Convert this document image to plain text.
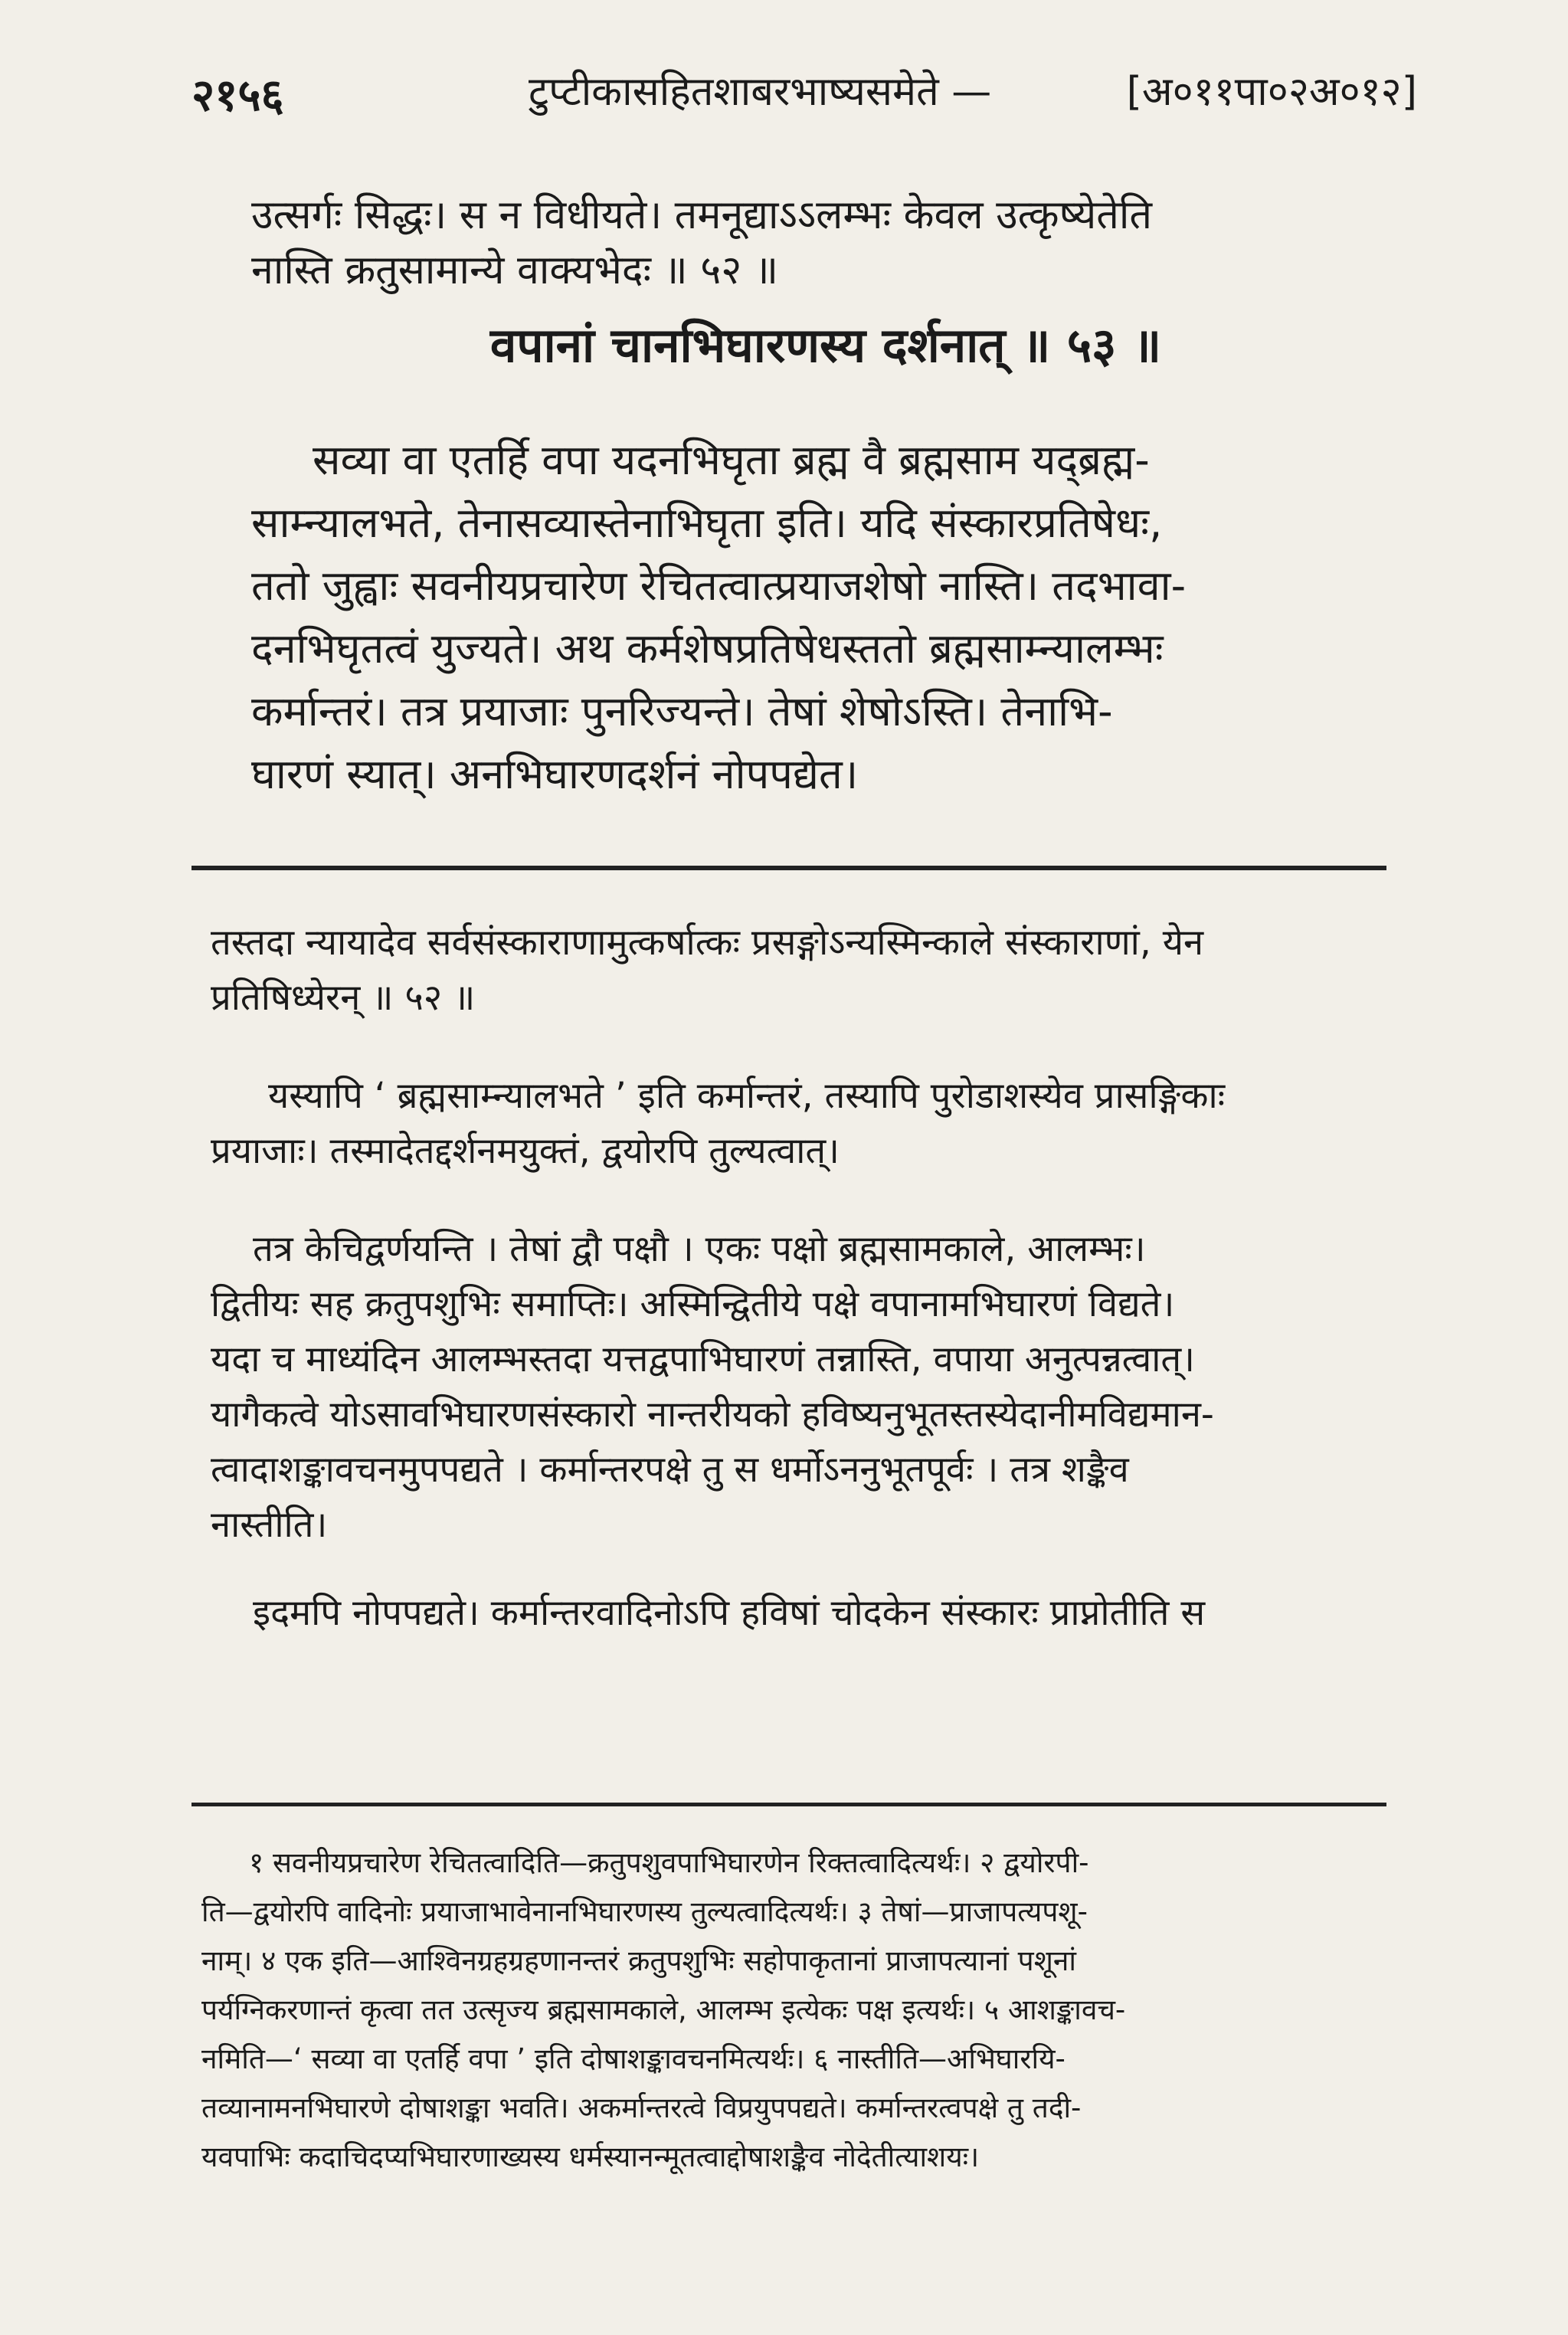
२१५६	टुप्टीकासहितशाबरभाष्यसमेते —	[अ०११पा०२अ०१२]
उत्सर्गः सिद्धः। स न विधीयते। तमनूद्याऽऽलम्भः केवल उत्कृष्येतेति
नास्ति क्रतुसामान्ये वाक्यभेदः ॥ ५२ ॥
वपानां चानभिघारणस्य दर्शनात् ॥ ५३ ॥
सव्या वा एतर्हि वपा यदनभिघृता ब्रह्म वै ब्रह्मसाम यद्ब्रह्म-
साम्न्यालभते, तेनासव्यास्तेनाभिघृता इति। यदि संस्कारप्रतिषेधः,
ततो जुह्वाः सवनीयप्रचारेण रेचितत्वात्प्रयाजशेषो नास्ति। तदभावा-
दनभिघृतत्वं युज्यते। अथ कर्मशेषप्रतिषेधस्ततो ब्रह्मसाम्न्यालम्भः
कर्मान्तरं। तत्र प्रयाजाः पुनरिज्यन्ते। तेषां शेषोऽस्ति। तेनाभि-
घारणं स्यात्। अनभिघारणदर्शनं नोपपद्येत।
तस्तदा न्यायादेव सर्वसंस्काराणामुत्कर्षात्कः प्रसङ्गोऽन्यस्मिन्काले संस्काराणां, येन
प्रतिषिध्येरन् ॥ ५२ ॥
यस्यापि ‘ ब्रह्मसाम्न्यालभते ’ इति कर्मान्तरं, तस्यापि पुरोडाशस्येव प्रासङ्गिकाः
प्रयाजाः। तस्मादेतद्दर्शनमयुक्तं, द्वयोरपि तुल्यत्वात्।
तत्र केचिद्वर्णयन्ति । तेषां द्वौ पक्षौ । एकः पक्षो ब्रह्मसामकाले, आलम्भः।
द्वितीयः सह क्रतुपशुभिः समाप्तिः। अस्मिन्द्वितीये पक्षे वपानामभिघारणं विद्यते।
यदा च माध्यंदिन आलम्भस्तदा यत्तद्वपाभिघारणं तन्नास्ति, वपाया अनुत्पन्नत्वात्।
यागैकत्वे योऽसावभिघारणसंस्कारो नान्तरीयको हविष्यनुभूतस्तस्येदानीमविद्यमान-
त्वादाशङ्कावचनमुपपद्यते । कर्मान्तरपक्षे तु स धर्मोऽननुभूतपूर्वः । तत्र शङ्कैव
नास्तीति।
इदमपि नोपपद्यते। कर्मान्तरवादिनोऽपि हविषां चोदकेन संस्कारः प्राप्नोतीति स
१ सवनीयप्रचारेण रेचितत्वादिति—क्रतुपशुवपाभिघारणेन रिक्तत्वादित्यर्थः। २ द्वयोरपी-
ति—द्वयोरपि वादिनोः प्रयाजाभावेनानभिघारणस्य तुल्यत्वादित्यर्थः। ३ तेषां—प्राजापत्यपशू-
नाम्। ४ एक इति—आश्विनग्रहग्रहणानन्तरं क्रतुपशुभिः सहोपाकृतानां प्राजापत्यानां पशूनां
पर्यग्निकरणान्तं कृत्वा तत उत्सृज्य ब्रह्मसामकाले, आलम्भ इत्येकः पक्ष इत्यर्थः। ५ आशङ्कावच-
नमिति—‘ सव्या वा एतर्हि वपा ’ इति दोषाशङ्कावचनमित्यर्थः। ६ नास्तीति—अभिघारयि-
तव्यानामनभिघारणे दोषाशङ्का भवति। अकर्मान्तरत्वे विप्रयुपपद्यते। कर्मान्तरत्वपक्षे तु तदी-
यवपाभिः कदाचिदप्यभिघारणाख्यस्य धर्मस्यानन्मूतत्वाद्दोषाशङ्कैव नोदेतीत्याशयः।
